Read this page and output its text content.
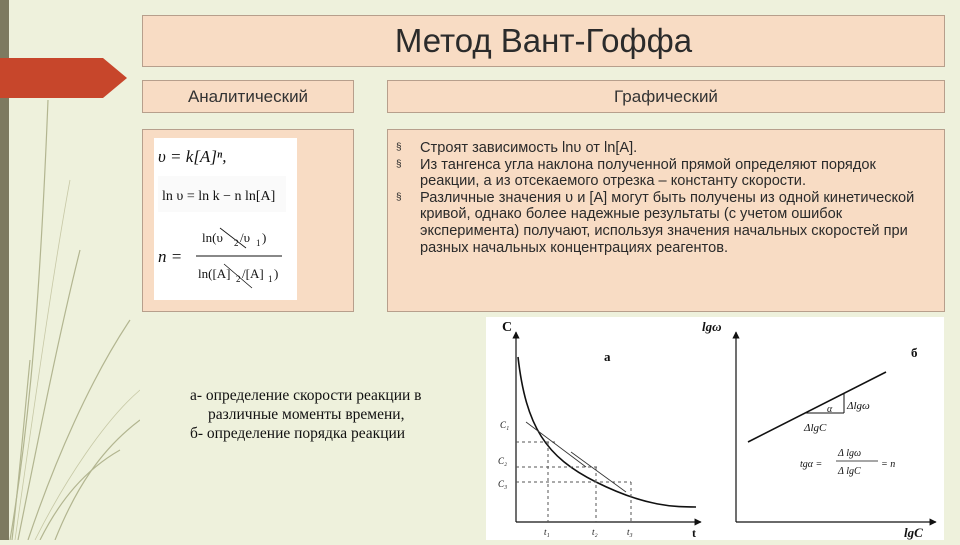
Метод Вант-Гоффа
Аналитический	Графический
υ = k[A]ⁿ,
ln υ = ln k − n ln[A]
n =
ln(υ 2 /υ 1 )
ln([A] 2 /[A] 1 )
§ Строят зависимость lnυ от ln[A].
§ Из тангенса угла наклона полученной прямой определяют порядок реакции, а из отсекаемого отрезка – константу скорости.
§ Различные значения υ и [A] могут быть получены из одной кинетической кривой, однако более надежные результаты (с учетом ошибок эксперимента) получают, используя значения начальных скоростей при разных начальных концентрациях реагентов.
а- определение скорости реакции в
различные моменты времени,
б- определение порядка реакции
C
t
а
C₁
C₂
C₃
t₁	t₂	t₃
lgω
lgC
б
α Δlgω
ΔlgC
tgα =
Δ lgω
Δ lgC
= n
